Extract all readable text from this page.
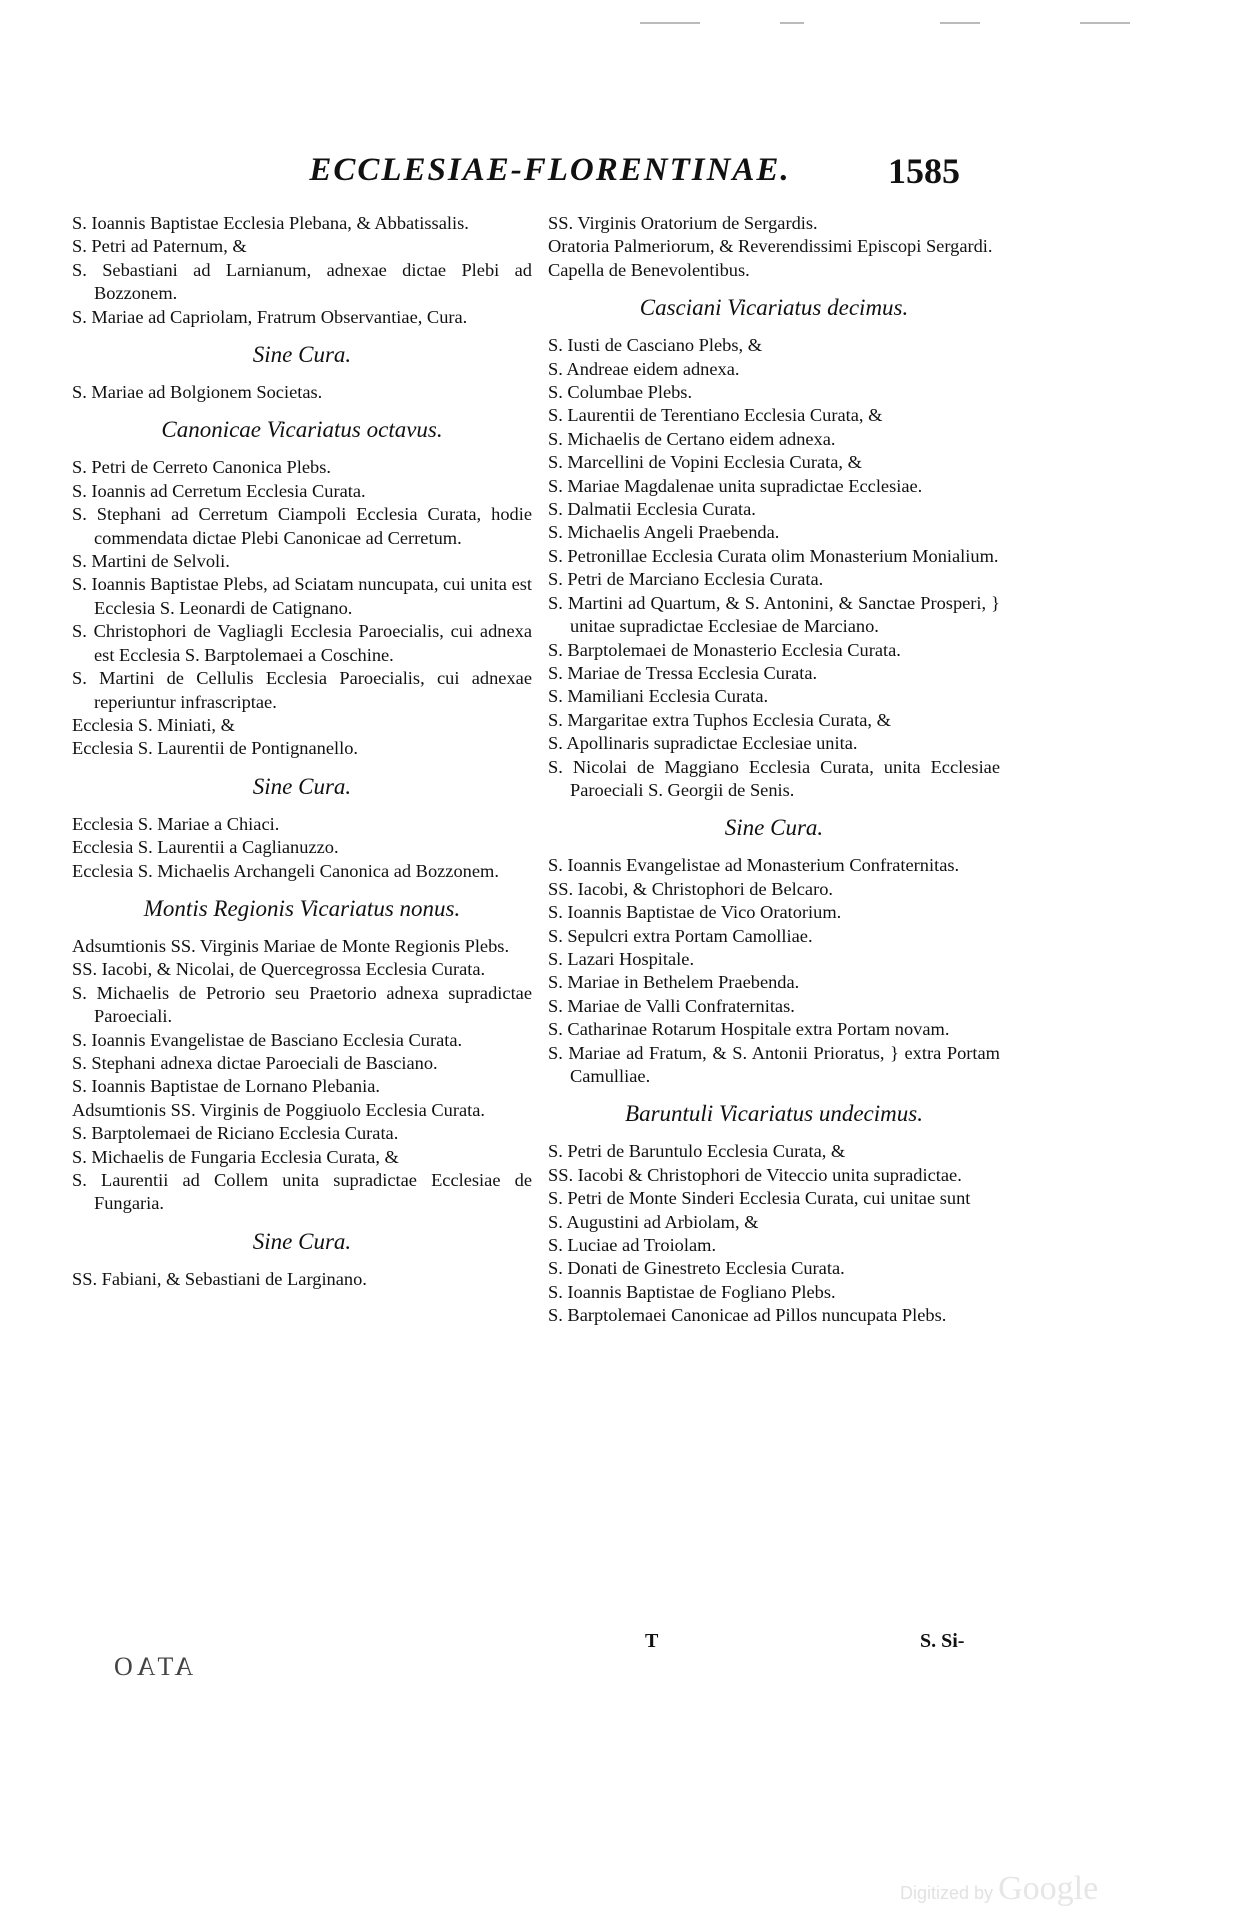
ECCLESIAE-FLORENTINAE.	1585

S. Ioannis Baptistae Ecclesia Plebana, & Abbatissalis.

S. Petri ad Paternum, &

S. Sebastiani ad Larnianum, adnexae dictae Plebi ad Bozzonem.

S. Mariae ad Capriolam, Fratrum Observantiae, Cura.

Sine Cura.

S. Mariae ad Bolgionem Societas.

Canonicae Vicariatus octavus.

S. Petri de Cerreto Canonica Plebs.

S. Ioannis ad Cerretum Ecclesia Curata.

S. Stephani ad Cerretum Ciampoli Ecclesia Curata, hodie commendata dictae Plebi Canonicae ad Cerretum.

S. Martini de Selvoli.

S. Ioannis Baptistae Plebs, ad Sciatam nuncupata, cui unita est Ecclesia S. Leonardi de Catignano.

S. Christophori de Vagliagli Ecclesia Paroecialis, cui adnexa est Ecclesia S. Barptolemaei a Coschine.

S. Martini de Cellulis Ecclesia Paroecialis, cui adnexae reperiuntur infrascriptae.

Ecclesia S. Miniati, &

Ecclesia S. Laurentii de Pontignanello.

Sine Cura.

Ecclesia S. Mariae a Chiaci.

Ecclesia S. Laurentii a Caglianuzzo.

Ecclesia S. Michaelis Archangeli Canonica ad Bozzonem.

Montis Regionis Vicariatus nonus.

Adsumtionis SS. Virginis Mariae de Monte Regionis Plebs.

SS. Iacobi, & Nicolai, de Quercegrossa Ecclesia Curata.

S. Michaelis de Petrorio seu Praetorio adnexa supradictae Paroeciali.

S. Ioannis Evangelistae de Basciano Ecclesia Curata.

S. Stephani adnexa dictae Paroeciali de Basciano.

S. Ioannis Baptistae de Lornano Plebania.

Adsumtionis SS. Virginis de Poggiuolo Ecclesia Curata.

S. Barptolemaei de Riciano Ecclesia Curata.

S. Michaelis de Fungaria Ecclesia Curata, &

S. Laurentii ad Collem unita supradictae Ecclesiae de Fungaria.

Sine Cura.

SS. Fabiani, & Sebastiani de Larginano.

SS. Virginis Oratorium de Sergardis.

Oratoria Palmeriorum, & Reverendissimi Episcopi Sergardi.

Capella de Benevolentibus.

Casciani Vicariatus decimus.

S. Iusti de Casciano Plebs, &

S. Andreae eidem adnexa.

S. Columbae Plebs.

S. Laurentii de Terentiano Ecclesia Curata, &

S. Michaelis de Certano eidem adnexa.

S. Marcellini de Vopini Ecclesia Curata, &

S. Mariae Magdalenae unita supradictae Ecclesiae.

S. Dalmatii Ecclesia Curata.

S. Michaelis Angeli Praebenda.

S. Petronillae Ecclesia Curata olim Monasterium Monialium.

S. Petri de Marciano Ecclesia Curata.

S. Martini ad Quartum, & S. Antonini, & Sanctae Prosperi, } unitae supradictae Ecclesiae de Marciano.

S. Barptolemaei de Monasterio Ecclesia Curata.

S. Mariae de Tressa Ecclesia Curata.

S. Mamiliani Ecclesia Curata.

S. Margaritae extra Tuphos Ecclesia Curata, &

S. Apollinaris supradictae Ecclesiae unita.

S. Nicolai de Maggiano Ecclesia Curata, unita Ecclesiae Paroeciali S. Georgii de Senis.

Sine Cura.

S. Ioannis Evangelistae ad Monasterium Confraternitas.

SS. Iacobi, & Christophori de Belcaro.

S. Ioannis Baptistae de Vico Oratorium.

S. Sepulcri extra Portam Camolliae.

S. Lazari Hospitale.

S. Mariae in Bethelem Praebenda.

S. Mariae de Valli Confraternitas.

S. Catharinae Rotarum Hospitale extra Portam novam.

S. Mariae ad Fratum, & S. Antonii Prioratus, } extra Portam Camulliae.

Baruntuli Vicariatus undecimus.

S. Petri de Baruntulo Ecclesia Curata, &

SS. Iacobi & Christophori de Viteccio unita supradictae.

S. Petri de Monte Sinderi Ecclesia Curata, cui unitae sunt

S. Augustini ad Arbiolam, &

S. Luciae ad Troiolam.

S. Donati de Ginestreto Ecclesia Curata.

S. Ioannis Baptistae de Fogliano Plebs.

S. Barptolemaei Canonicae ad Pillos nuncupata Plebs.

T	S. Si-
ATAO
Digitized by Google
